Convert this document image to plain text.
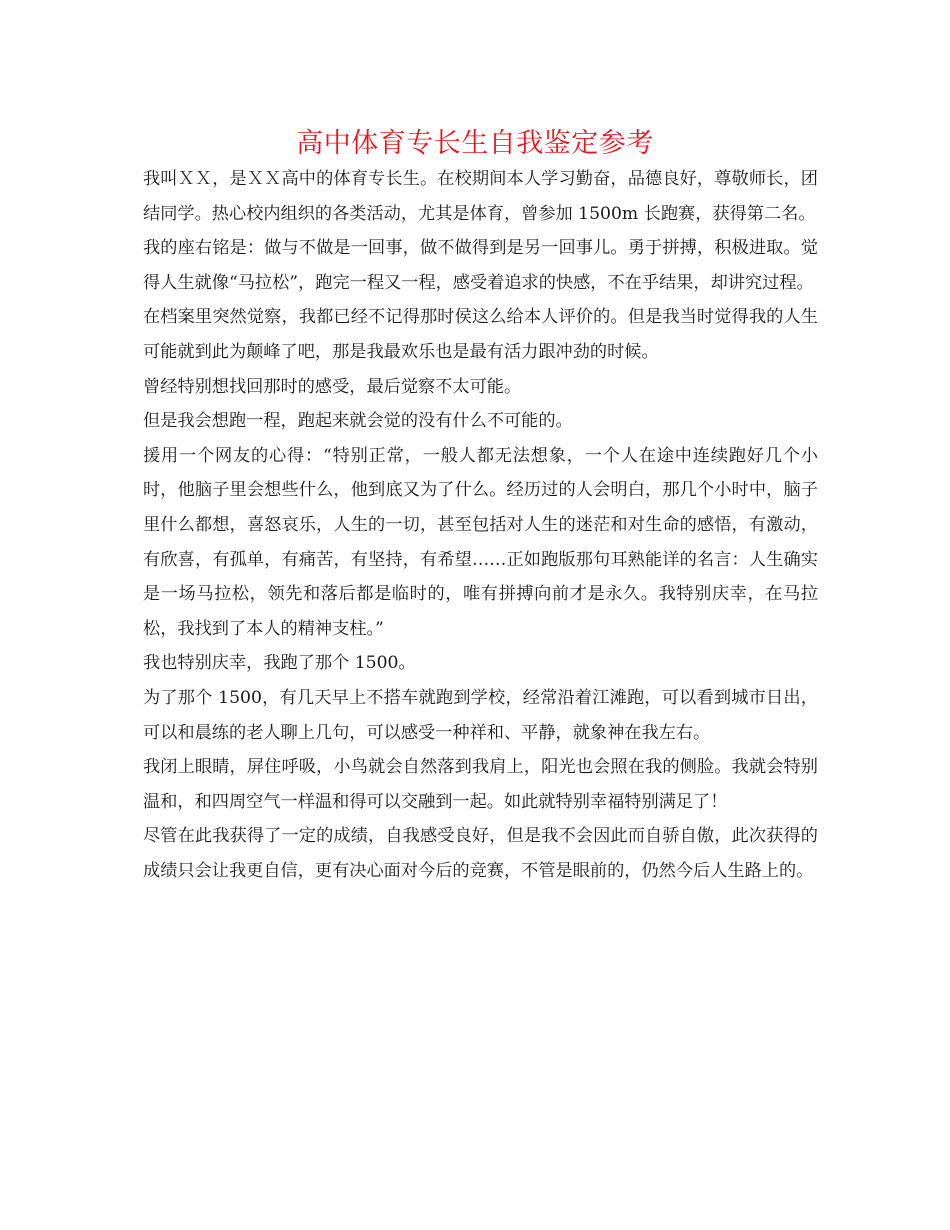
高中体育专长生自我鉴定参考

我叫ＸＸ，是ＸＸ高中的体育专长生。在校期间本人学习勤奋，品德良好，尊敬师长，团结同学。热心校内组织的各类活动，尤其是体育，曾参加 1500m 长跑赛，获得第二名。

我的座右铭是：做与不做是一回事，做不做得到是另一回事儿。勇于拼搏，积极进取。觉得人生就像“马拉松”，跑完一程又一程，感受着追求的快感，不在乎结果，却讲究过程。

在档案里突然觉察，我都已经不记得那时侯这么给本人评价的。但是我当时觉得我的人生可能就到此为颠峰了吧，那是我最欢乐也是最有活力跟冲劲的时候。

曾经特别想找回那时的感受，最后觉察不太可能。

但是我会想跑一程，跑起来就会觉的没有什么不可能的。

援用一个网友的心得：“特别正常，一般人都无法想象，一个人在途中连续跑好几个小时，他脑子里会想些什么，他到底又为了什么。经历过的人会明白，那几个小时中，脑子里什么都想，喜怒哀乐，人生的一切，甚至包括对人生的迷茫和对生命的感悟，有激动，有欣喜，有孤单，有痛苦，有坚持，有希望……正如跑版那句耳熟能详的名言：人生确实是一场马拉松，领先和落后都是临时的，唯有拼搏向前才是永久。我特别庆幸，在马拉松，我找到了本人的精神支柱。”

我也特别庆幸，我跑了那个 1500。

为了那个 1500，有几天早上不搭车就跑到学校，经常沿着江滩跑，可以看到城市日出，可以和晨练的老人聊上几句，可以感受一种祥和、平静，就象神在我左右。

我闭上眼睛，屏住呼吸，小鸟就会自然落到我肩上，阳光也会照在我的侧脸。我就会特别温和，和四周空气一样温和得可以交融到一起。如此就特别幸福特别满足了！

尽管在此我获得了一定的成绩，自我感受良好，但是我不会因此而自骄自傲，此次获得的成绩只会让我更自信，更有决心面对今后的竞赛，不管是眼前的，仍然今后人生路上的。
